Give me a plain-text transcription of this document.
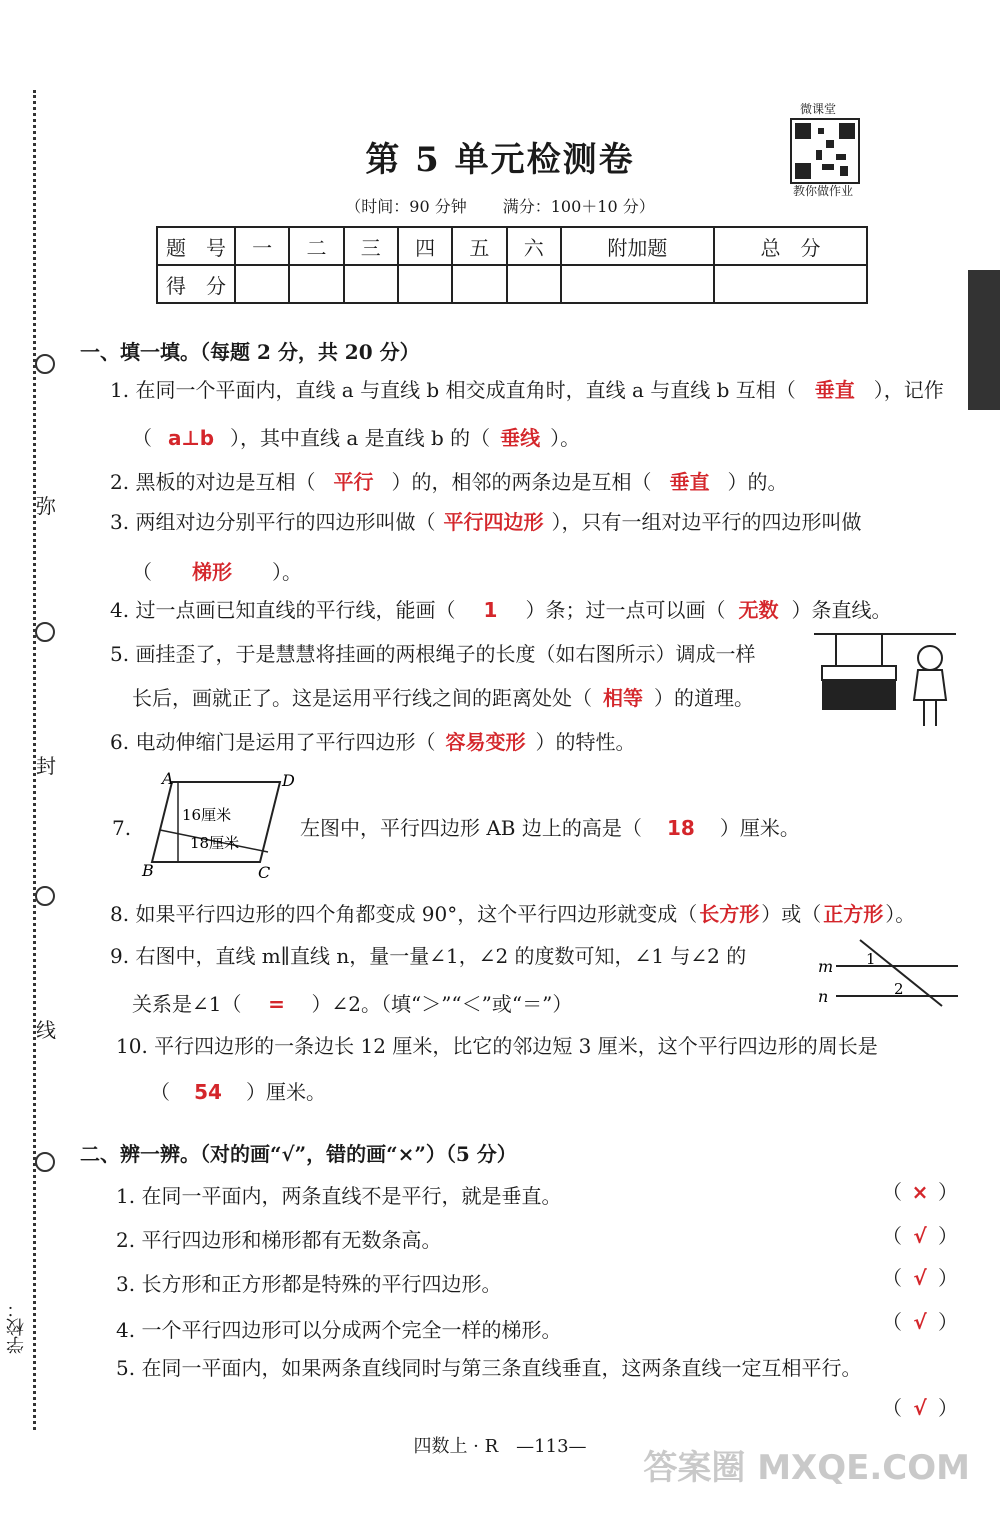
弥
封
线
学校：
微课堂
教你做作业
第 5 单元检测卷
（时间：90 分钟 满分：100＋10 分）
题　号	一	二	三	四	五	六	附加题	总　分
得　分								
一、填一填。（每题 2 分，共 20 分）
1. 在同一个平面内，直线 a 与直线 b 相交成直角时，直线 a 与直线 b 互相（ 垂直 ），记作
（ a⊥b ），其中直线 a 是直线 b 的（ 垂线 ）。
2. 黑板的对边是互相（ 平行 ）的，相邻的两条边是互相（ 垂直 ）的。
3. 两组对边分别平行的四边形叫做（ 平行四边形 ），只有一组对边平行的四边形叫做
（ 梯形 ）。
4. 过一点画已知直线的平行线，能画（ 1 ）条；过一点可以画（ 无数 ）条直线。
5. 画挂歪了，于是慧慧将挂画的两根绳子的长度（如右图所示）调成一样
长后，画就正了。这是运用平行线之间的距离处处（ 相等 ）的道理。
6. 电动伸缩门是运用了平行四边形（ 容易变形 ）的特性。
7.
A	D
B	C
16厘米
18厘米
左图中，平行四边形 AB 边上的高是（ 18 ）厘米。
8. 如果平行四边形的四个角都变成 90°，这个平行四边形就变成（ 长方形 ）或（ 正方形 ）。
9. 右图中，直线 m∥直线 n，量一量∠1，∠2 的度数可知，∠1 与∠2 的
关系是∠1（ = ）∠2。（填“＞”“＜”或“＝”）
m
n
1
2
10. 平行四边形的一条边长 12 厘米，比它的邻边短 3 厘米，这个平行四边形的周长是
（ 54 ）厘米。
二、辨一辨。（对的画“√”，错的画“×”）（5 分）
1. 在同一平面内，两条直线不是平行，就是垂直。	（ × ）
2. 平行四边形和梯形都有无数条高。	（ √ ）
3. 长方形和正方形都是特殊的平行四边形。	（ √ ）
4. 一个平行四边形可以分成两个完全一样的梯形。	（ √ ）
5. 在同一平面内，如果两条直线同时与第三条直线垂直，这两条直线一定互相平行。
（ √ ）
四数上 · R　—113—
答案圈 MXQE.COM
